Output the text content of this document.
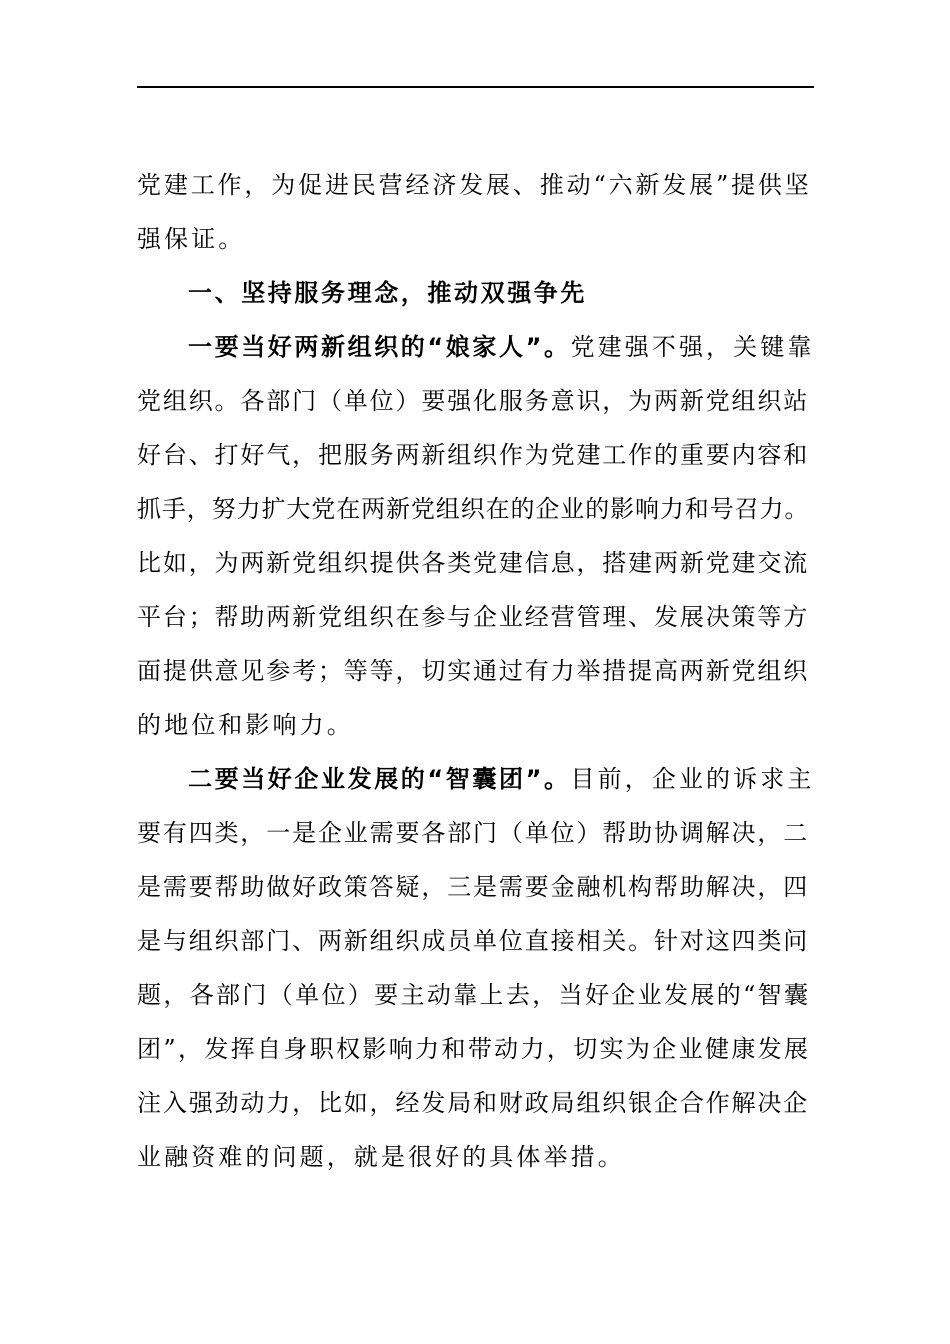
党建工作，为促进民营经济发展、推动“六新发展”提供坚
强保证。
一、坚持服务理念，推动双强争先
一要当好两新组织的“娘家人”。党建强不强，关键靠
党组织。各部门（单位）要强化服务意识，为两新党组织站
好台、打好气，把服务两新组织作为党建工作的重要内容和
抓手，努力扩大党在两新党组织在的企业的影响力和号召力。
比如，为两新党组织提供各类党建信息，搭建两新党建交流
平台；帮助两新党组织在参与企业经营管理、发展决策等方
面提供意见参考；等等，切实通过有力举措提高两新党组织
的地位和影响力。
二要当好企业发展的“智囊团”。目前，企业的诉求主
要有四类，一是企业需要各部门（单位）帮助协调解决，二
是需要帮助做好政策答疑，三是需要金融机构帮助解决，四
是与组织部门、两新组织成员单位直接相关。针对这四类问
题，各部门（单位）要主动靠上去，当好企业发展的“智囊
团”，发挥自身职权影响力和带动力，切实为企业健康发展
注入强劲动力，比如，经发局和财政局组织银企合作解决企
业融资难的问题，就是很好的具体举措。
